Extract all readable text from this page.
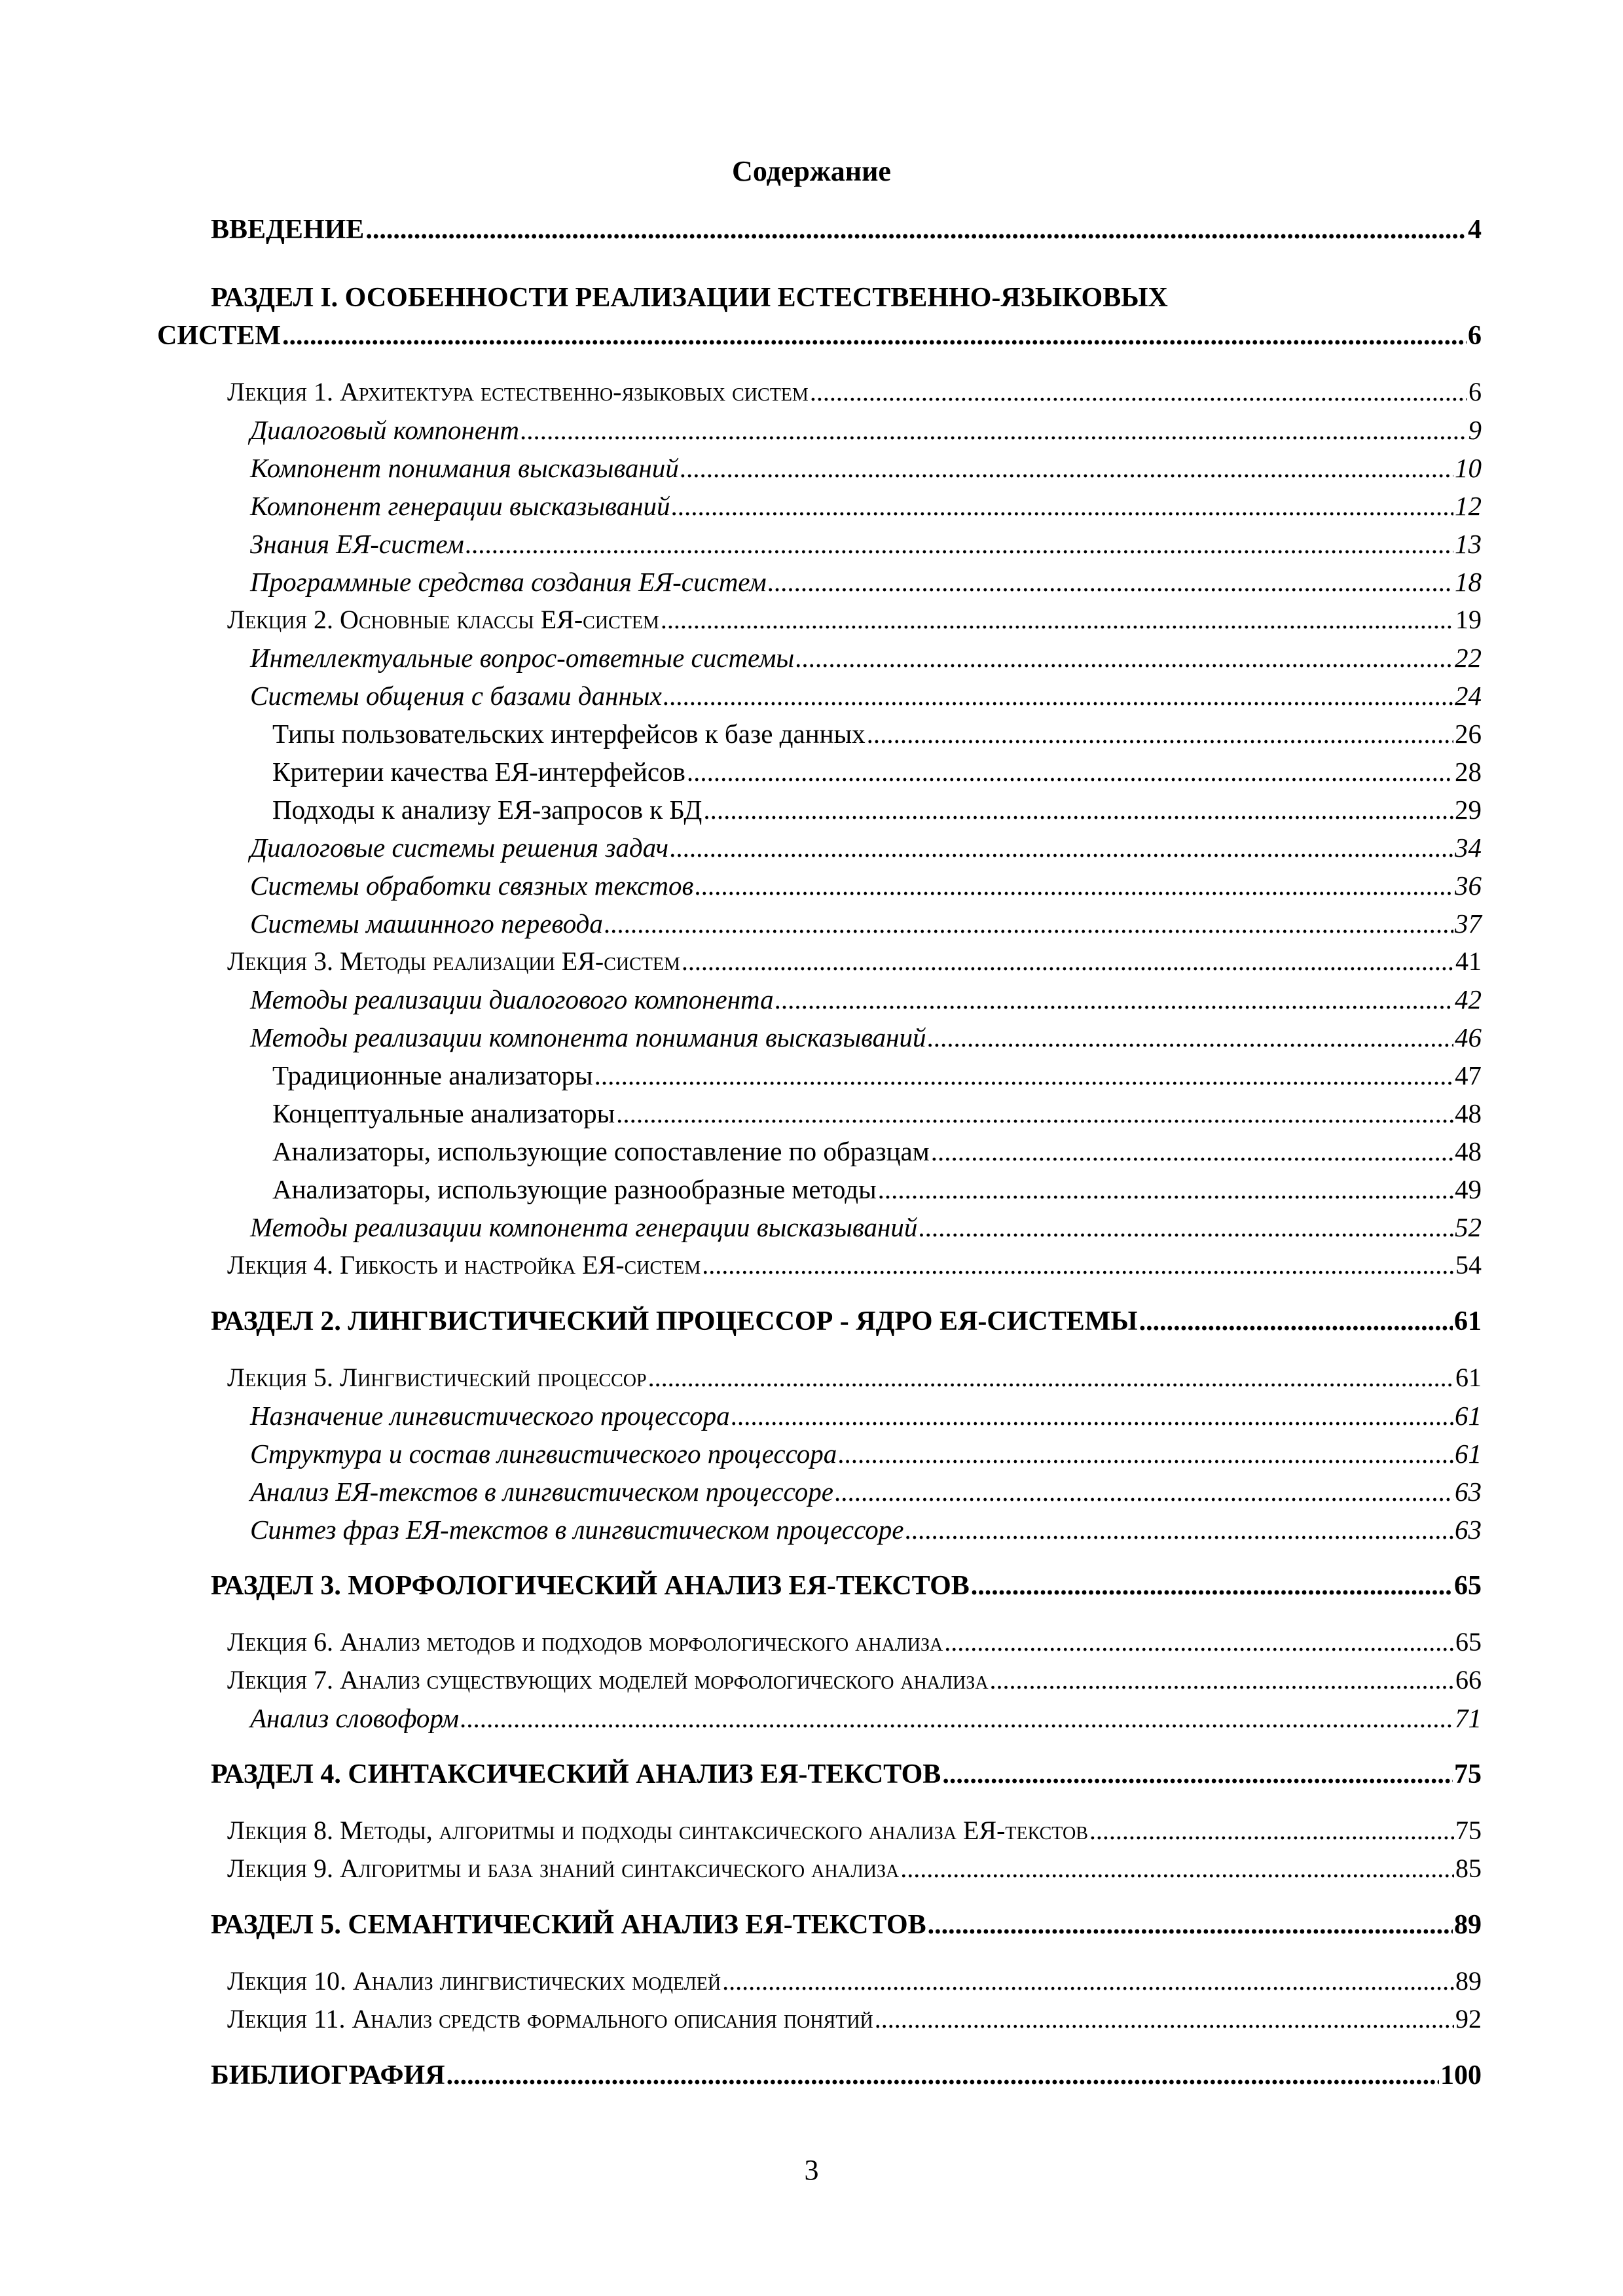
Содержание
ВВЕДЕНИЕ .....	4
РАЗДЕЛ I. ОСОБЕННОСТИ РЕАЛИЗАЦИИ ЕСТЕСТВЕННО-ЯЗЫКОВЫХ
СИСТЕМ .....	6
Лекция 1. Архитектура естественно-языковых систем .....	6
Диалоговый компонент .....	9
Компонент понимания высказываний .....	10
Компонент генерации высказываний .....	12
Знания ЕЯ-систем .....	13
Программные средства создания ЕЯ-систем .....	18
Лекция 2. Основные классы ЕЯ-систем .....	19
Интеллектуальные вопрос-ответные системы .....	22
Системы общения с базами данных .....	24
Типы пользовательских интерфейсов к базе данных .....	26
Критерии качества ЕЯ-интерфейсов .....	28
Подходы к анализу ЕЯ-запросов к БД .....	29
Диалоговые системы решения задач .....	34
Системы обработки связных текстов .....	36
Системы машинного перевода .....	37
Лекция 3. Методы реализации ЕЯ-систем .....	41
Методы реализации диалогового компонента .....	42
Методы реализации компонента понимания высказываний .....	46
Традиционные анализаторы .....	47
Концептуальные анализаторы .....	48
Анализаторы, использующие сопоставление по образцам .....	48
Анализаторы, использующие разнообразные методы .....	49
Методы реализации компонента генерации высказываний .....	52
Лекция 4. Гибкость и настройка ЕЯ-систем .....	54
РАЗДЕЛ 2. ЛИНГВИСТИЧЕСКИЙ ПРОЦЕССОР - ЯДРО ЕЯ-СИСТЕМЫ .....	61
Лекция 5. Лингвистический процессор .....	61
Назначение лингвистического процессора .....	61
Структура и состав лингвистического процессора .....	61
Анализ ЕЯ-текстов в лингвистическом процессоре .....	63
Синтез фраз ЕЯ-текстов в лингвистическом процессоре .....	63
РАЗДЕЛ 3. МОРФОЛОГИЧЕСКИЙ АНАЛИЗ ЕЯ-ТЕКСТОВ .....	65
Лекция 6. Анализ методов и подходов морфологического анализа .....	65
Лекция 7. Анализ существующих моделей морфологического анализа .....	66
Анализ словоформ .....	71
РАЗДЕЛ 4. СИНТАКСИЧЕСКИЙ АНАЛИЗ ЕЯ-ТЕКСТОВ .....	75
Лекция 8. Методы, алгоритмы и подходы синтаксического анализа ЕЯ-текстов .....	75
Лекция 9. Алгоритмы и база знаний синтаксического анализа .....	85
РАЗДЕЛ 5. СЕМАНТИЧЕСКИЙ АНАЛИЗ ЕЯ-ТЕКСТОВ .....	89
Лекция 10. Анализ лингвистических моделей .....	89
Лекция 11. Анализ средств формального описания понятий .....	92
БИБЛИОГРАФИЯ .....	100
3
